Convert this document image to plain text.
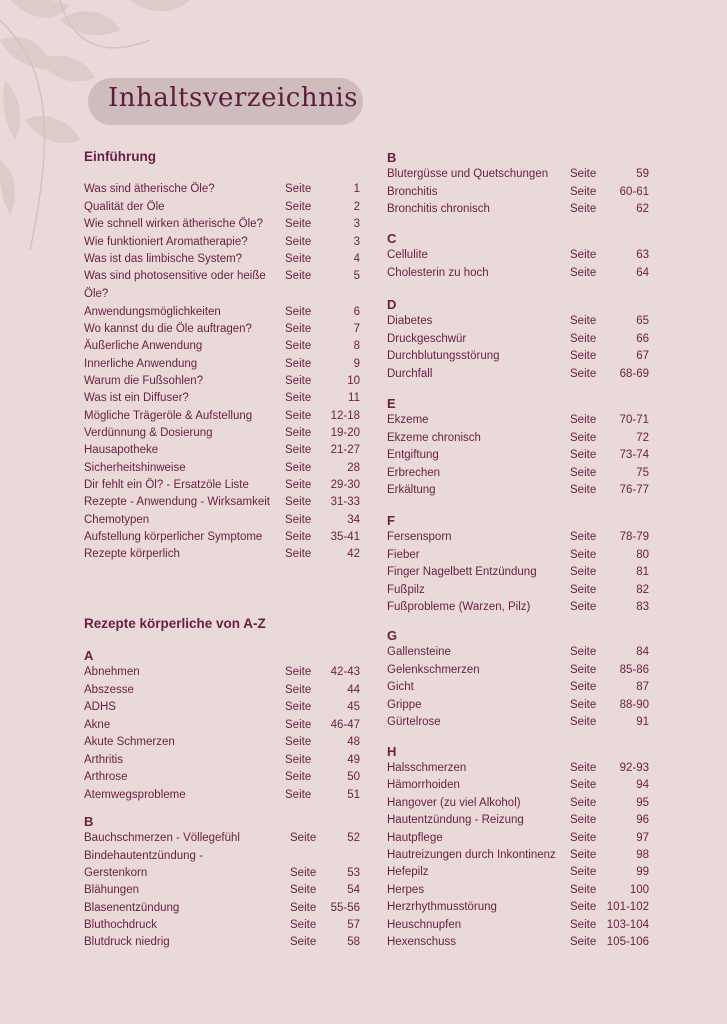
Inhaltsverzeichnis
Einführung
Was sind ätherische Öle?	Seite	1
Qualität der Öle	Seite	2
Wie schnell wirken ätherische Öle? Seite	3
Wie funktioniert Aromatherapie?	Seite	3
Was ist das limbische System?	Seite	4
Was sind photosensitive oder heiße Seite	5
Öle?
Anwendungsmöglichkeiten	Seite	6
Wo kannst du die Öle auftragen?	Seite	7
Äußerliche Anwendung	Seite	8
Innerliche Anwendung	Seite	9
Warum die Fußsohlen?	Seite	10
Was ist ein Diffuser?	Seite	11
Mögliche Trägeröle & Aufstellung	Seite 12-18
Verdünnung & Dosierung	Seite 19-20
Hausapotheke	Seite 21-27
Sicherheitshinweise	Seite	28
Dir fehlt ein Öl? - Ersatzöle Liste	Seite 29-30
Rezepte - Anwendung - Wirksamkeit Seite 31-33
Chemotypen	Seite	34
Aufstellung körperlicher Symptome Seite 35-41
Rezepte körperlich	Seite	42
Rezepte körperliche von A-Z
A
Abnehmen	Seite 42-43
Abszesse	Seite	44
ADHS	Seite	45
Akne	Seite 46-47
Akute Schmerzen	Seite	48
Arthritis	Seite	49
Arthrose	Seite	50
Atemwegsprobleme	Seite	51
B
Bauchschmerzen - Völlegefühl	Seite	52
Bindehautentzündung -
Gerstenkorn	Seite	53
Blähungen	Seite	54
Blasenentzündung	Seite 55-56
Bluthochdruck	Seite	57
Blutdruck niedrig	Seite	58
B
Blutergüsse und Quetschungen Seite	59
Bronchitis	Seite 60-61
Bronchitis chronisch	Seite	62
C
Cellulite	Seite	63
Cholesterin zu hoch	Seite	64
D
Diabetes	Seite	65
Druckgeschwür	Seite	66
Durchblutungsstörung	Seite	67
Durchfall	Seite 68-69
E
Ekzeme	Seite 70-71
Ekzeme chronisch	Seite	72
Entgiftung	Seite 73-74
Erbrechen	Seite	75
Erkältung	Seite 76-77
F
Fersensporn	Seite 78-79
Fieber	Seite	80
Finger Nagelbett Entzündung	Seite	81
Fußpilz	Seite	82
Fußprobleme (Warzen, Pilz)	Seite	83
G
Gallensteine	Seite	84
Gelenkschmerzen	Seite 85-86
Gicht	Seite	87
Grippe	Seite 88-90
Gürtelrose	Seite	91
H
Halsschmerzen	Seite 92-93
Hämorrhoiden	Seite	94
Hangover (zu viel Alkohol)	Seite	95
Hautentzündung - Reizung	Seite	96
Hautpflege	Seite	97
Hautreizungen durch Inkontinenz Seite	98
Hefepilz	Seite	99
Herpes	Seite	100
Herzrhythmusstörung	Seite 101-102
Heuschnupfen	Seite 103-104
Hexenschuss	Seite 105-106
